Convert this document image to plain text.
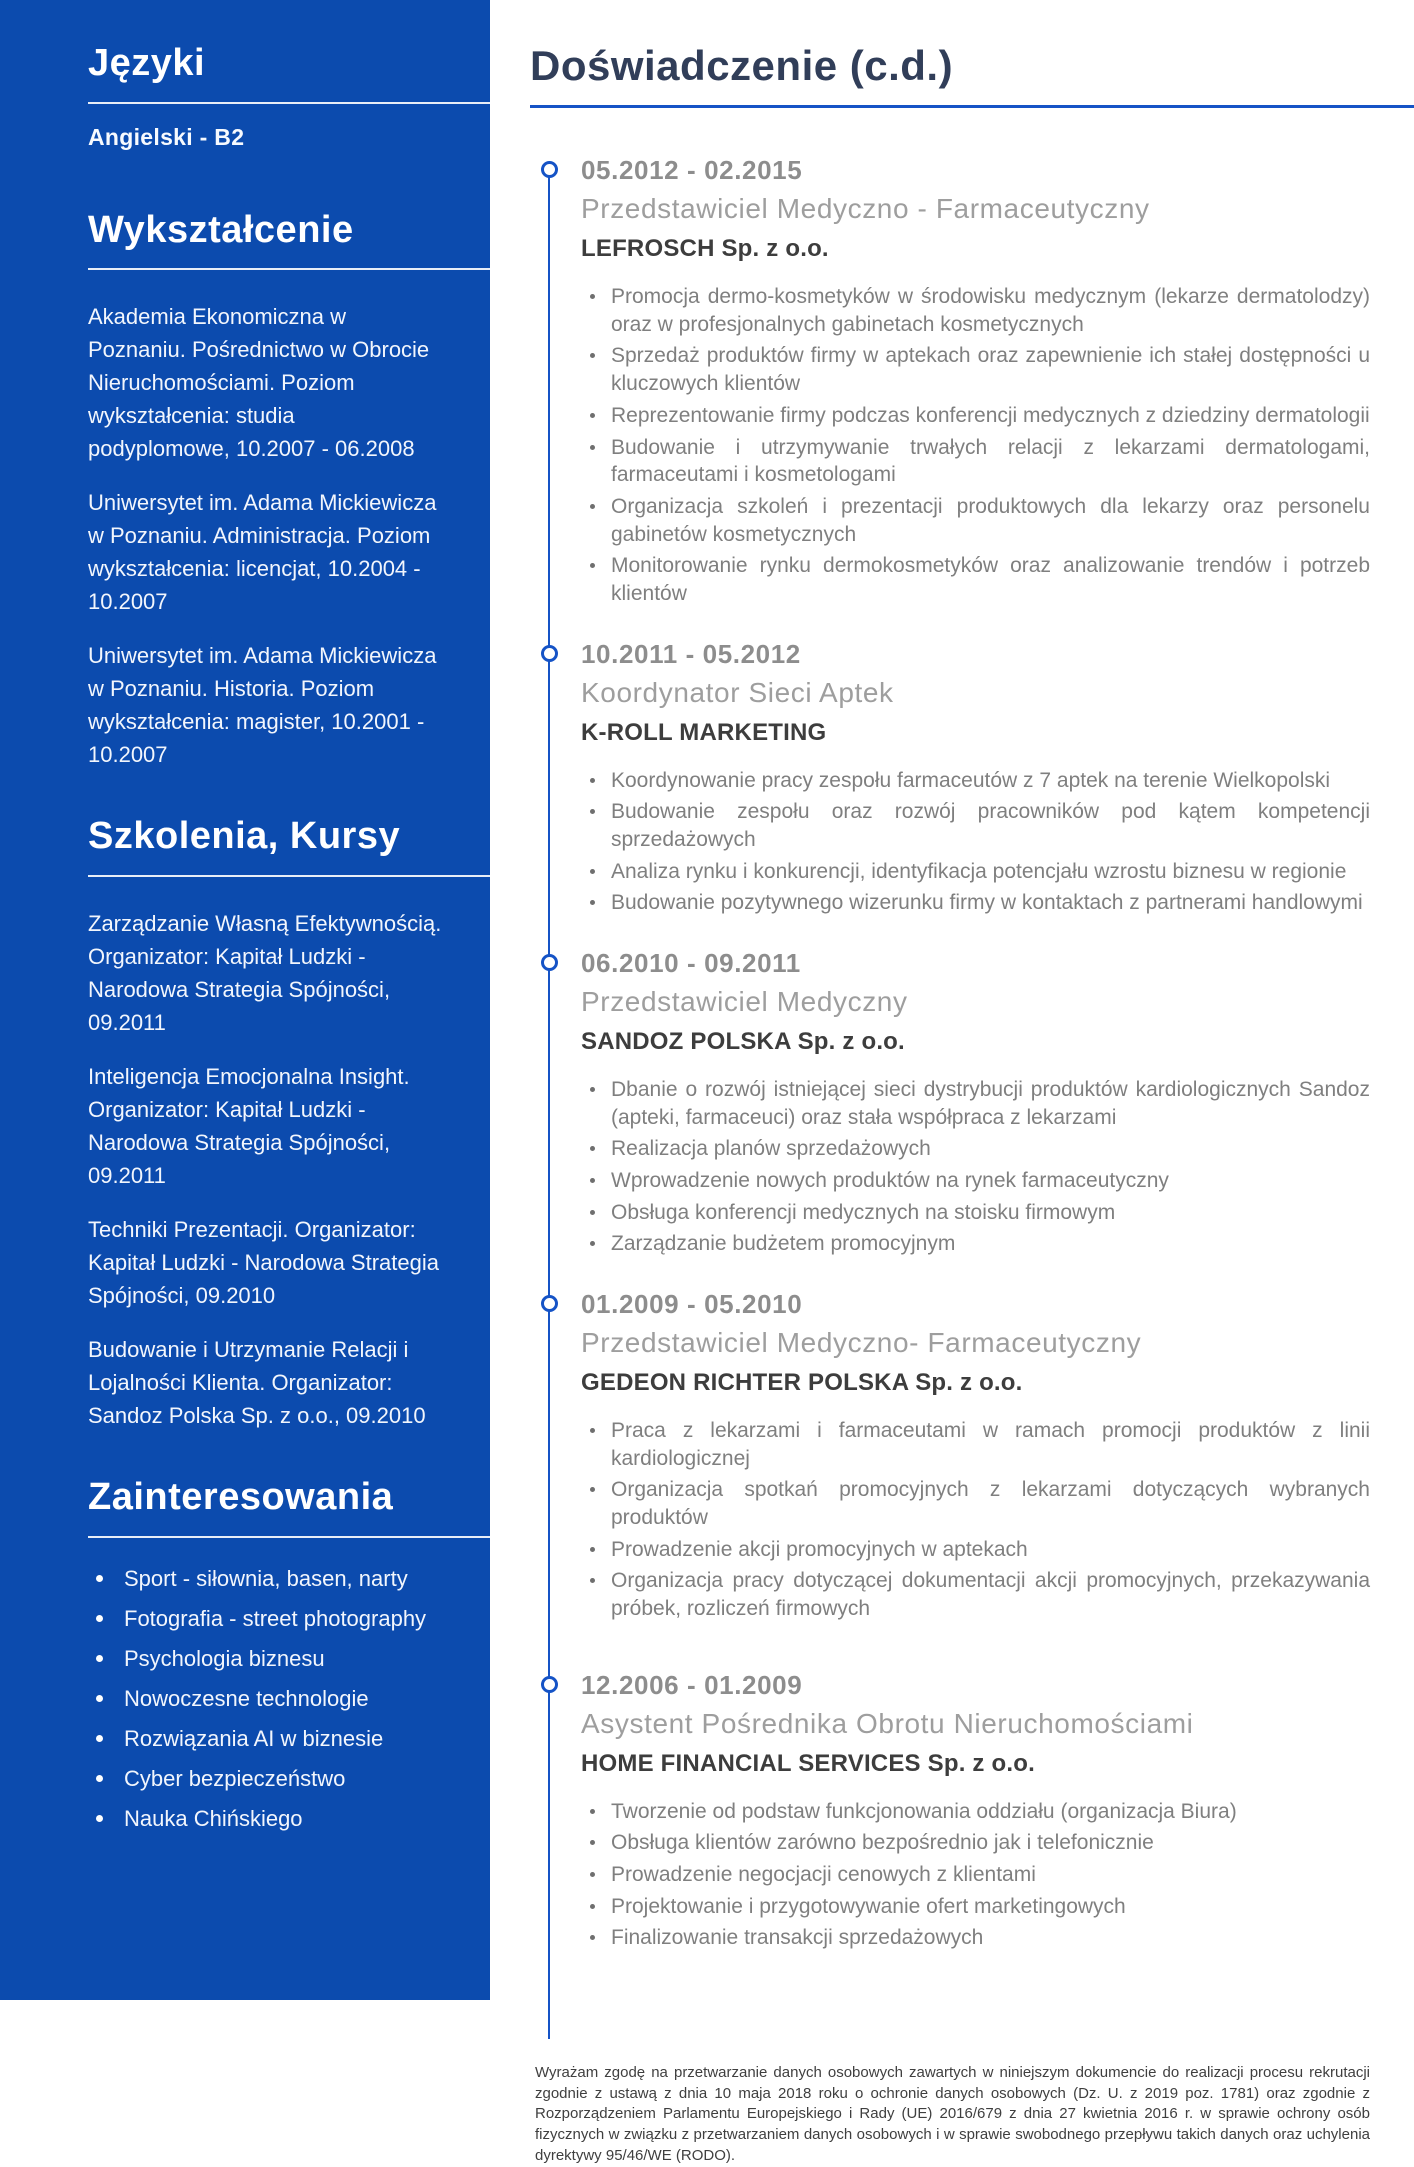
Języki
Angielski - B2
Wykształcenie
Akademia Ekonomiczna w Poznaniu. Pośrednictwo w Obrocie Nieruchomościami. Poziom wykształcenia: studia podyplomowe, 10.2007 - 06.2008
Uniwersytet im. Adama Mickiewicza w Poznaniu. Administracja. Poziom wykształcenia: licencjat, 10.2004 - 10.2007
Uniwersytet im. Adama Mickiewicza w Poznaniu. Historia. Poziom wykształcenia: magister, 10.2001 - 10.2007
Szkolenia, Kursy
Zarządzanie Własną Efektywnością. Organizator: Kapitał Ludzki - Narodowa Strategia Spójności, 09.2011
Inteligencja Emocjonalna Insight. Organizator: Kapitał Ludzki - Narodowa Strategia Spójności, 09.2011
Techniki Prezentacji. Organizator: Kapitał Ludzki - Narodowa Strategia Spójności, 09.2010
Budowanie i Utrzymanie Relacji i Lojalności Klienta. Organizator: Sandoz Polska Sp. z o.o., 09.2010
Zainteresowania
Sport - siłownia, basen, narty
Fotografia - street photography
Psychologia biznesu
Nowoczesne technologie
Rozwiązania AI w biznesie
Cyber bezpieczeństwo
Nauka Chińskiego
Doświadczenie (c.d.)
05.2012 - 02.2015
Przedstawiciel Medyczno - Farmaceutyczny
LEFROSCH Sp. z o.o.
Promocja dermo-kosmetyków w środowisku medycznym (lekarze dermatolodzy) oraz w profesjonalnych gabinetach kosmetycznych
Sprzedaż produktów firmy w aptekach oraz zapewnienie ich stałej dostępności u kluczowych klientów
Reprezentowanie firmy podczas konferencji medycznych z dziedziny dermatologii
Budowanie i utrzymywanie trwałych relacji z lekarzami dermatologami, farmaceutami i kosmetologami
Organizacja szkoleń i prezentacji produktowych dla lekarzy oraz personelu gabinetów kosmetycznych
Monitorowanie rynku dermokosmetyków oraz analizowanie trendów i potrzeb klientów
10.2011 - 05.2012
Koordynator Sieci Aptek
K-ROLL MARKETING
Koordynowanie pracy zespołu farmaceutów z 7 aptek na terenie Wielkopolski
Budowanie zespołu oraz rozwój pracowników pod kątem kompetencji sprzedażowych
Analiza rynku i konkurencji, identyfikacja potencjału wzrostu biznesu w regionie
Budowanie pozytywnego wizerunku firmy w kontaktach z partnerami handlowymi
06.2010 - 09.2011
Przedstawiciel Medyczny
SANDOZ POLSKA Sp. z o.o.
Dbanie o rozwój istniejącej sieci dystrybucji produktów kardiologicznych Sandoz (apteki, farmaceuci) oraz stała współpraca z lekarzami
Realizacja planów sprzedażowych
Wprowadzenie nowych produktów na rynek farmaceutyczny
Obsługa konferencji medycznych na stoisku firmowym
Zarządzanie budżetem promocyjnym
01.2009 - 05.2010
Przedstawiciel Medyczno- Farmaceutyczny
GEDEON RICHTER POLSKA Sp. z o.o.
Praca z lekarzami i farmaceutami w ramach promocji produktów z linii kardiologicznej
Organizacja spotkań promocyjnych z lekarzami dotyczących wybranych produktów
Prowadzenie akcji promocyjnych w aptekach
Organizacja pracy dotyczącej dokumentacji akcji promocyjnych, przekazywania próbek, rozliczeń firmowych
12.2006 - 01.2009
Asystent Pośrednika Obrotu Nieruchomościami
HOME FINANCIAL SERVICES Sp. z o.o.
Tworzenie od podstaw funkcjonowania oddziału (organizacja Biura)
Obsługa klientów zarówno bezpośrednio jak i telefonicznie
Prowadzenie negocjacji cenowych z klientami
Projektowanie i przygotowywanie ofert marketingowych
Finalizowanie transakcji sprzedażowych

Wyrażam zgodę na przetwarzanie danych osobowych zawartych w niniejszym dokumencie do realizacji procesu rekrutacji zgodnie z ustawą z dnia 10 maja 2018 roku o ochronie danych osobowych (Dz. U. z 2019 poz. 1781) oraz zgodnie z Rozporządzeniem Parlamentu Europejskiego i Rady (UE) 2016/679 z dnia 27 kwietnia 2016 r. w sprawie ochrony osób fizycznych w związku z przetwarzaniem danych osobowych i w sprawie swobodnego przepływu takich danych oraz uchylenia dyrektywy 95/46/WE (RODO).
